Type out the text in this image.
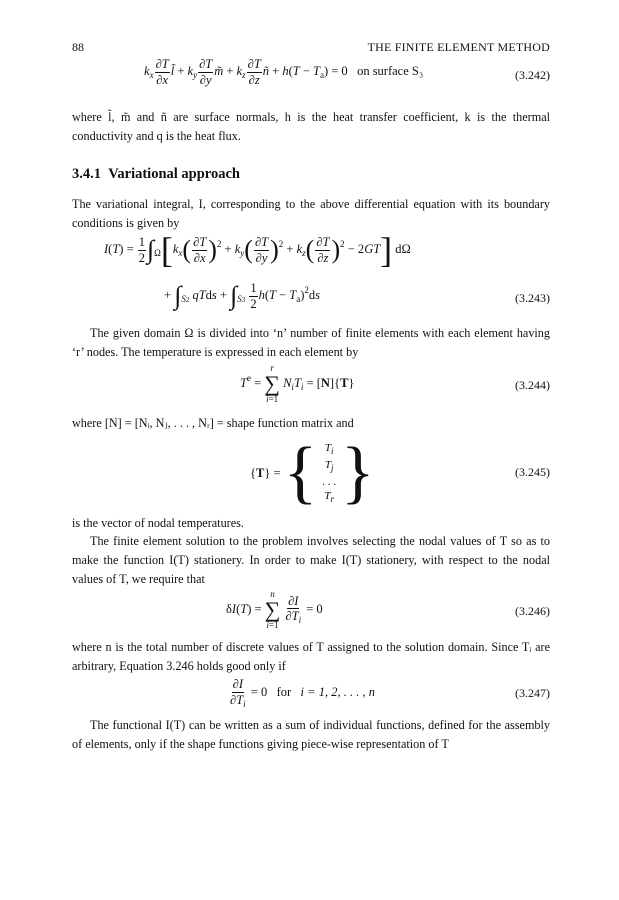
88	THE FINITE ELEMENT METHOD
$k_x \frac{\partial T}{\partial x}$ l̃ + $k_y \frac{\partial T}{\partial y}$ m̃ + $k_z \frac{\partial T}{\partial z}$ ñ + $h(T - T_a) = 0$   on surface S₃	(3.242)
where l̃, m̃ and ñ are surface normals, h is the heat transfer coefficient, k is the thermal conductivity and q is the heat flux.
3.4.1 Variational approach
The variational integral, I, corresponding to the above differential equation with its boundary conditions is given by
$I(T) = \frac{1}{2} \int_\Omega[k_x( \frac{\partial T}{\partial x} )^2 + k_y( \frac{\partial T}{\partial y} )^2 + k_z( \frac{\partial T}{\partial z} )^2 - 2GT]$ dΩ
+ $\int_{S2}$ qTds + $\int_{S3} \frac{1}{2} h(T - T_a)^2ds$	(3.243)
The given domain Ω is divided into ‘n’ number of finite elements with each element having ‘r’ nodes. The temperature is expressed in each element by
$T^e$ =
r
∑
i=1
$N_iT_i = [N]\{T\}$	(3.244)
where [N] = [Nᵢ, Nⱼ, . . . , Nᵣ] = shape function matrix and
{T} = { $T_i$
$T_j$
. . .
$T_r$ }	(3.245)
is the vector of nodal temperatures.
The finite element solution to the problem involves selecting the nodal values of T so as to make the function I(T) stationery. In order to make I(T) stationery, with respect to the nodal values of T, we require that
δI(T) =
n
∑
i=1
$\frac{\partial I}{\partial T_i} = 0$	(3.246)
where n is the total number of discrete values of T assigned to the solution domain. Since Tᵢ are arbitrary, Equation 3.246 holds good only if
$\frac{\partial I}{\partial T_i} = 0$   for i = 1, 2, . . . , n	(3.247)
The functional I(T) can be written as a sum of individual functions, defined for the assembly of elements, only if the shape functions giving piece-wise representation of T
